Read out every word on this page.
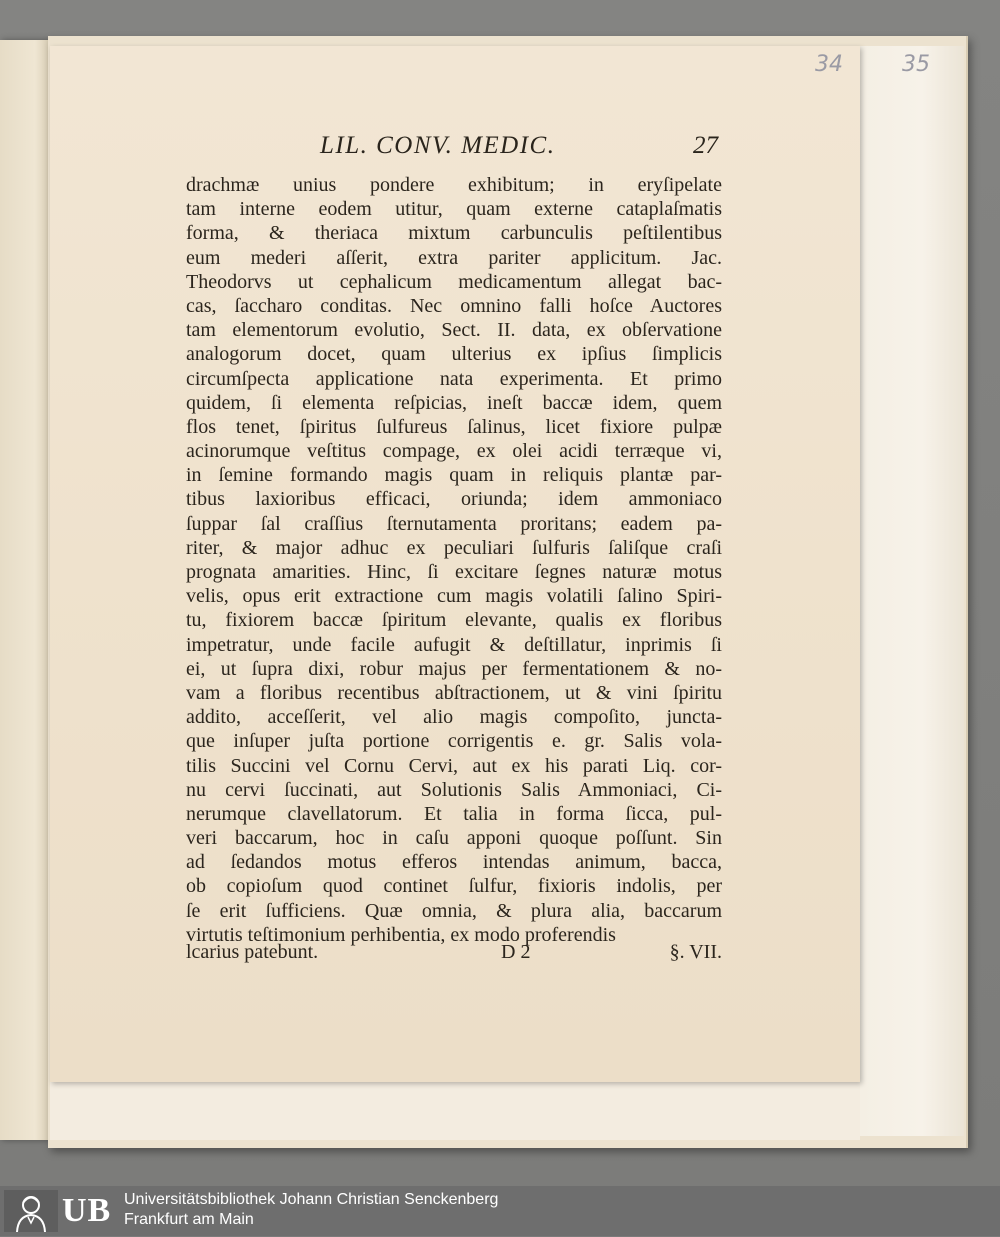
34	35
LIL. CONV. MEDIC.	27
drachmæ unius pondere exhibitum; in eryſipelate
tam interne eodem utitur, quam externe cataplaſmatis
forma, & theriaca mixtum carbunculis peſtilentibus
eum mederi aſſerit, extra pariter applicitum. Jac.
Theodorvs ut cephalicum medicamentum allegat bac-
cas, ſaccharo conditas. Nec omnino falli hoſce Auctores
tam elementorum evolutio, Sect. II. data, ex obſervatione
analogorum docet, quam ulterius ex ipſius ſimplicis
circumſpecta applicatione nata experimenta. Et primo
quidem, ſi elementa reſpicias, ineſt baccæ idem, quem
flos tenet, ſpiritus ſulfureus ſalinus, licet fixiore pulpæ
acinorumque veſtitus compage, ex olei acidi terræque vi,
in ſemine formando magis quam in reliquis plantæ par-
tibus laxioribus efficaci, oriunda; idem ammoniaco
ſuppar ſal craſſius ſternutamenta proritans; eadem pa-
riter, & major adhuc ex peculiari ſulfuris ſaliſque craſi
prognata amarities. Hinc, ſi excitare ſegnes naturæ motus
velis, opus erit extractione cum magis volatili ſalino Spiri-
tu, fixiorem baccæ ſpiritum elevante, qualis ex floribus
impetratur, unde facile aufugit & deſtillatur, inprimis ſi
ei, ut ſupra dixi, robur majus per fermentationem & no-
vam a floribus recentibus abſtractionem, ut & vini ſpiritu
addito, acceſſerit, vel alio magis compoſito, juncta-
que inſuper juſta portione corrigentis e. gr. Salis vola-
tilis Succini vel Cornu Cervi, aut ex his parati Liq. cor-
nu cervi ſuccinati, aut Solutionis Salis Ammoniaci, Ci-
nerumque clavellatorum. Et talia in forma ſicca, pul-
veri baccarum, hoc in caſu apponi quoque poſſunt. Sin
ad ſedandos motus efferos intendas animum, bacca,
ob copioſum quod continet ſulfur, fixioris indolis, per
ſe erit ſufficiens. Quæ omnia, & plura alia, baccarum
virtutis teſtimonium perhibentia, ex modo proferendis
lcarius patebunt.	D 2	§. VII.
UB Universitätsbibliothek Johann Christian Senckenberg
Frankfurt am Main
